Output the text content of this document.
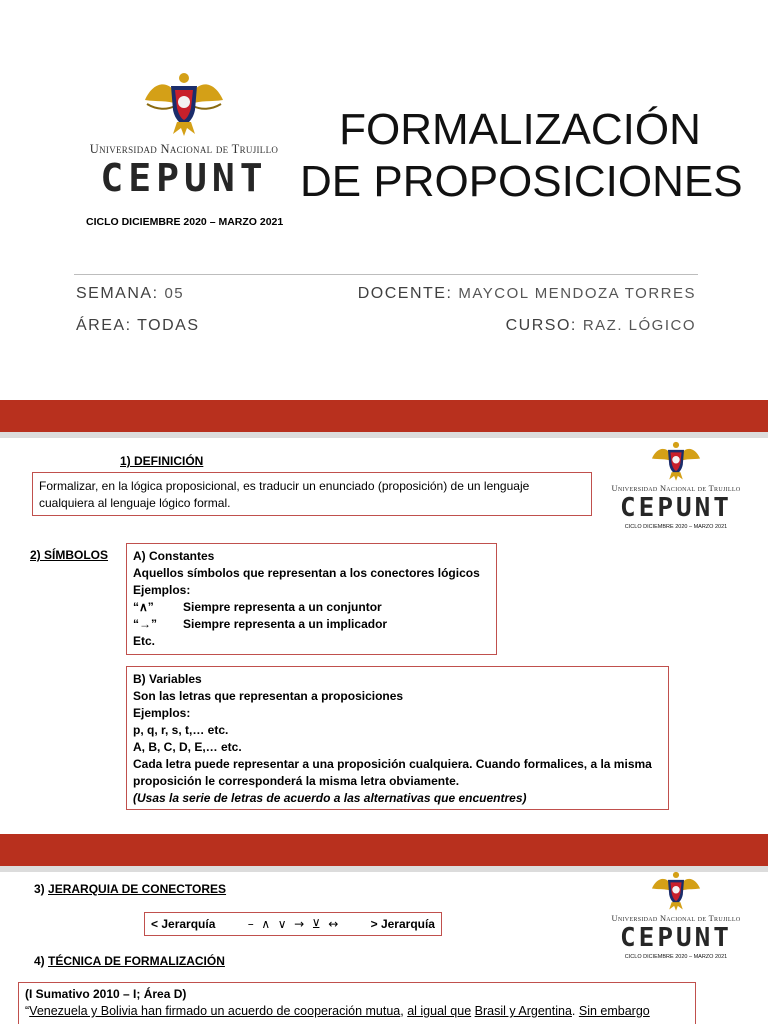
Universidad Nacional de Trujillo
CEPUNT
CICLO DICIEMBRE 2020 – MARZO 2021
FORMALIZACIÓN
DE PROPOSICIONES
SEMANA: 05
ÁREA: TODAS
DOCENTE: MAYCOL MENDOZA TORRES
CURSO: RAZ. LÓGICO
1) DEFINICIÓN
Formalizar, en la lógica proposicional, es traducir un enunciado (proposición) de un lenguaje
cualquiera al lenguaje lógico formal.
Universidad Nacional de Trujillo
CEPUNT
CICLO DICIEMBRE 2020 – MARZO 2021
2) SÍMBOLOS A) Constantes
Aquellos símbolos que representan a los conectores lógicos
Ejemplos:
“∧” Siempre representa a un conjuntor
“→” Siempre representa a un implicador
Etc.
B) Variables
Son las letras que representan a proposiciones
Ejemplos:
p, q, r, s, t,… etc.
A, B, C, D, E,… etc.
Cada letra puede representar a una proposición cualquiera. Cuando formalices, a la misma
proposición le corresponderá la misma letra obviamente.
(Usas la serie de letras de acuerdo a las alternativas que encuentres)
3) JERARQUIA DE CONECTORES
< Jerarquía	–  ∧  ∨  →  ⊻  ↔	> Jerarquía	Universidad Nacional de Trujillo
CEPUNT
CICLO DICIEMBRE 2020 – MARZO 2021
4) TÉCNICA DE FORMALIZACIÓN
(I Sumativo 2010 – I; Área D)
“Venezuela y Bolivia han firmado un acuerdo de cooperación mutua, al igual que Brasil y Argentina. Sin embargo
